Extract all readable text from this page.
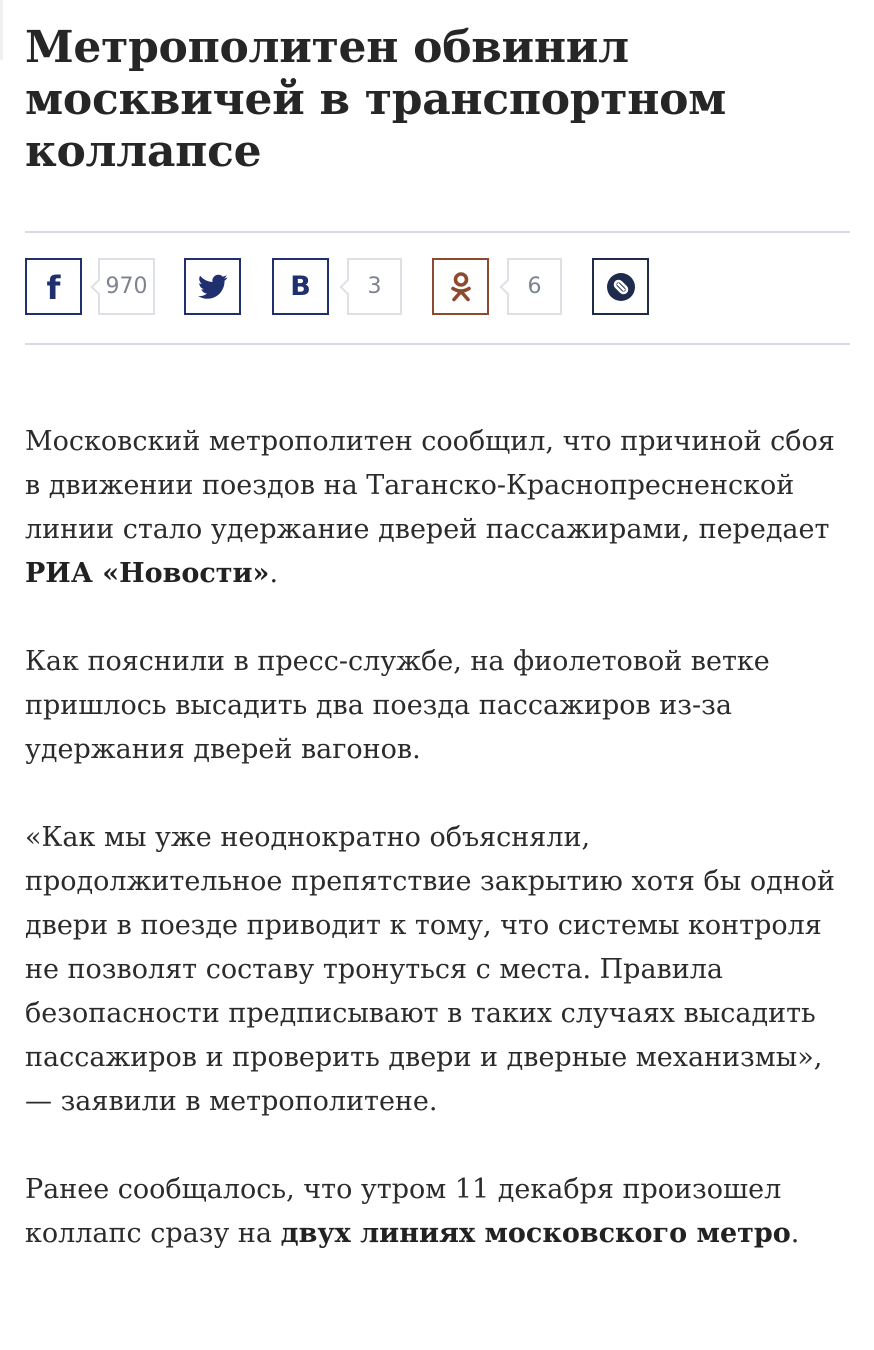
Метрополитен обвинил москвичей в транспортном коллапсе
f	970	B	3	6

Московский метрополитен сообщил, что причиной сбоя в движении поездов на Таганско-Краснопресненской линии стало удержание дверей пассажирами, передает РИА «Новости».

Как пояснили в пресс-службе, на фиолетовой ветке пришлось высадить два поезда пассажиров из-за удержания дверей вагонов.

«Как мы уже неоднократно объясняли, продолжительное препятствие закрытию хотя бы одной двери в поезде приводит к тому, что системы контроля не позволят составу тронуться с места. Правила безопасности предписывают в таких случаях высадить пассажиров и проверить двери и дверные механизмы», — заявили в метрополитене.

Ранее сообщалось, что утром 11 декабря произошел коллапс сразу на двух линиях московского метро.
